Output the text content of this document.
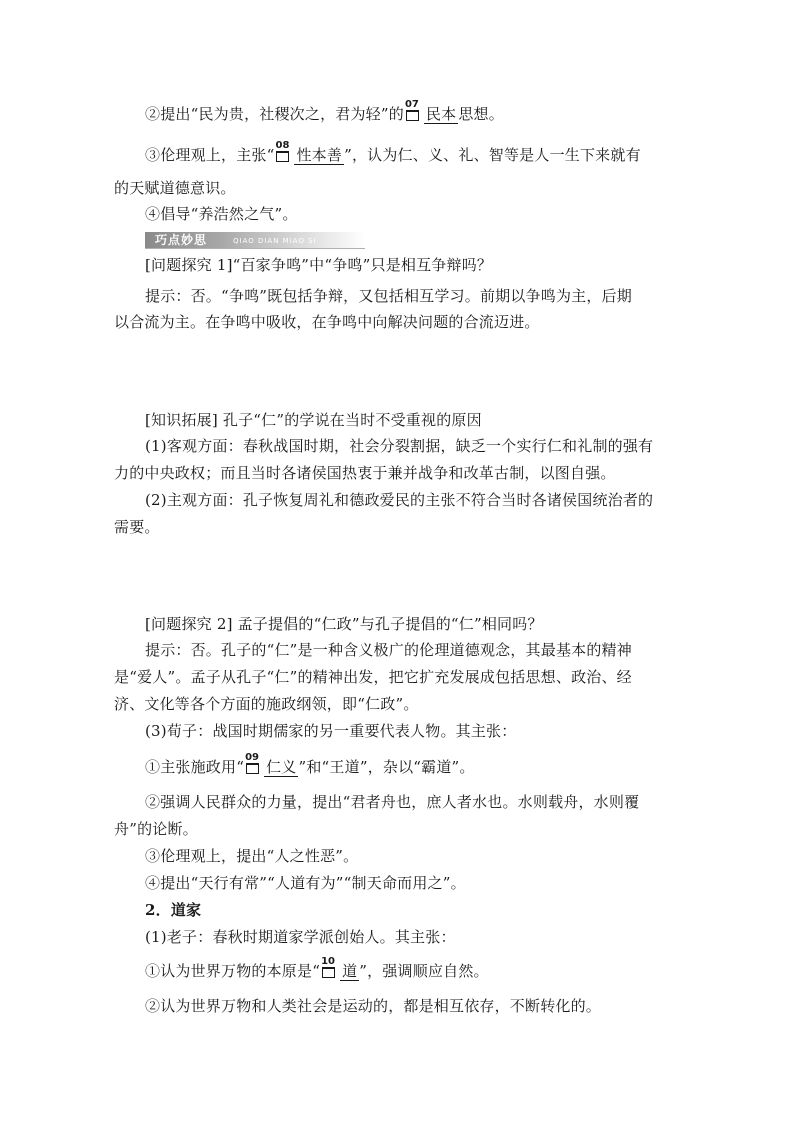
②提出“民为贵，社稷次之，君为轻”的
07
民本 思想。
③伦理观上，主张“
08
性本善 ”，认为仁、义、礼、智等是人一生下来就有
的天赋道德意识。
④倡导“养浩然之气”。
巧点妙思	QIAO DIAN MIAO SI
[问题探究 1]“百家争鸣”中“争鸣”只是相互争辩吗？
提示：否。“争鸣”既包括争辩，又包括相互学习。前期以争鸣为主，后期
以合流为主。在争鸣中吸收，在争鸣中向解决问题的合流迈进。
[知识拓展] 孔子“仁”的学说在当时不受重视的原因
(1)客观方面：春秋战国时期，社会分裂割据，缺乏一个实行仁和礼制的强有
力的中央政权；而且当时各诸侯国热衷于兼并战争和改革古制，以图自强。
(2)主观方面：孔子恢复周礼和德政爱民的主张不符合当时各诸侯国统治者的
需要。
[问题探究 2] 孟子提倡的“仁政”与孔子提倡的“仁”相同吗？
提示：否。孔子的“仁”是一种含义极广的伦理道德观念，其最基本的精神
是“爱人”。孟子从孔子“仁”的精神出发，把它扩充发展成包括思想、政治、经
济、文化等各个方面的施政纲领，即“仁政”。
(3)荀子：战国时期儒家的另一重要代表人物。其主张：
①主张施政用“
09
仁义 ”和“王道”，杂以“霸道”。
②强调人民群众的力量，提出“君者舟也，庶人者水也。水则载舟，水则覆
舟”的论断。
③伦理观上，提出“人之性恶”。
④提出“天行有常”“人道有为”“制天命而用之”。
2．道家
(1)老子：春秋时期道家学派创始人。其主张：
①认为世界万物的本原是“
10
道 ”，强调顺应自然。
②认为世界万物和人类社会是运动的，都是相互依存，不断转化的。
